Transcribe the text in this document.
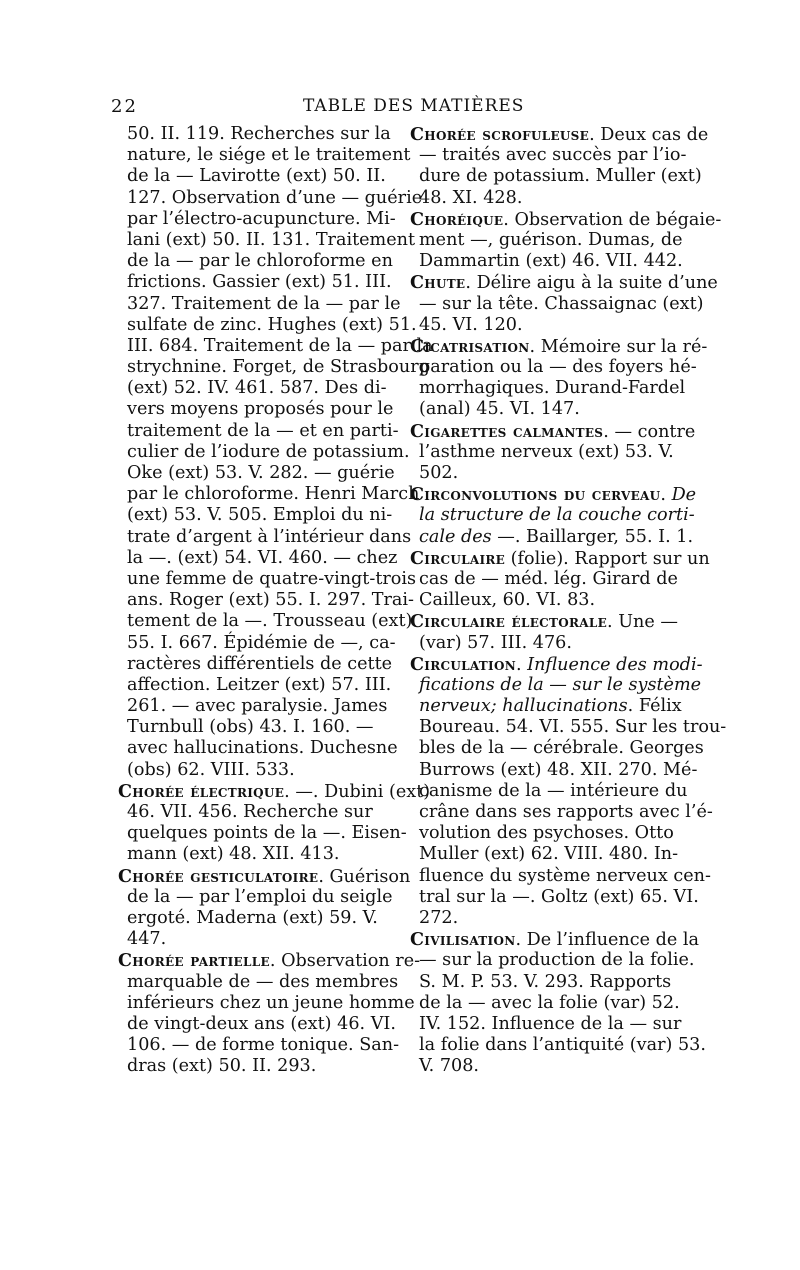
22	TABLE DES MATIÈRES
50. II. 119. Recherches sur la
nature, le siége et le traitement
de la — Lavirotte (ext) 50. II.
127. Observation d’une — guérie
par l’électro-acupuncture. Mi-
lani (ext) 50. II. 131. Traitement
de la — par le chloroforme en
frictions. Gassier (ext) 51. III.
327. Traitement de la — par le
sulfate de zinc. Hughes (ext) 51.
III. 684. Traitement de la — par la
strychnine. Forget, de Strasbourg
(ext) 52. IV. 461. 587. Des di-
vers moyens proposés pour le
traitement de la — et en parti-
culier de l’iodure de potassium.
Oke (ext) 53. V. 282. — guérie
par le chloroforme. Henri March
(ext) 53. V. 505. Emploi du ni-
trate d’argent à l’intérieur dans
la —. (ext) 54. VI. 460. — chez
une femme de quatre-vingt-trois
ans. Roger (ext) 55. I. 297. Trai-
tement de la —. Trousseau (ext)
55. I. 667. Épidémie de —, ca-
ractères différentiels de cette
affection. Leitzer (ext) 57. III.
261. — avec paralysie. James
Turnbull (obs) 43. I. 160. —
avec hallucinations. Duchesne
(obs) 62. VIII. 533.
Chorée électrique. —. Dubini (ext)
46. VII. 456. Recherche sur
quelques points de la —. Eisen-
mann (ext) 48. XII. 413.
Chorée gesticulatoire. Guérison
de la — par l’emploi du seigle
ergoté. Maderna (ext) 59. V.
447.
Chorée partielle. Observation re-
marquable de — des membres
inférieurs chez un jeune homme
de vingt-deux ans (ext) 46. VI.
106. — de forme tonique. San-
dras (ext) 50. II. 293.
Chorée scrofuleuse. Deux cas de
— traités avec succès par l’io-
dure de potassium. Muller (ext)
48. XI. 428.
Choréique. Observation de bégaie-
ment —, guérison. Dumas, de
Dammartin (ext) 46. VII. 442.
Chute. Délire aigu à la suite d’une
— sur la tête. Chassaignac (ext)
45. VI. 120.
Cicatrisation. Mémoire sur la ré-
paration ou la — des foyers hé-
morrhagiques. Durand-Fardel
(anal) 45. VI. 147.
Cigarettes calmantes. — contre
l’asthme nerveux (ext) 53. V.
502.
Circonvolutions du cerveau. De
la structure de la couche corti-
cale des —. Baillarger, 55. I. 1.
Circulaire (folie). Rapport sur un
cas de — méd. lég. Girard de
Cailleux, 60. VI. 83.
Circulaire électorale. Une —
(var) 57. III. 476.
Circulation. Influence des modi-
fications de la — sur le système
nerveux; hallucinations. Félix
Boureau. 54. VI. 555. Sur les trou-
bles de la — cérébrale. Georges
Burrows (ext) 48. XII. 270. Mé-
canisme de la — intérieure du
crâne dans ses rapports avec l’é-
volution des psychoses. Otto
Muller (ext) 62. VIII. 480. In-
fluence du système nerveux cen-
tral sur la —. Goltz (ext) 65. VI.
272.
Civilisation. De l’influence de la
— sur la production de la folie.
S. M. P. 53. V. 293. Rapports
de la — avec la folie (var) 52.
IV. 152. Influence de la — sur
la folie dans l’antiquité (var) 53.
V. 708.
